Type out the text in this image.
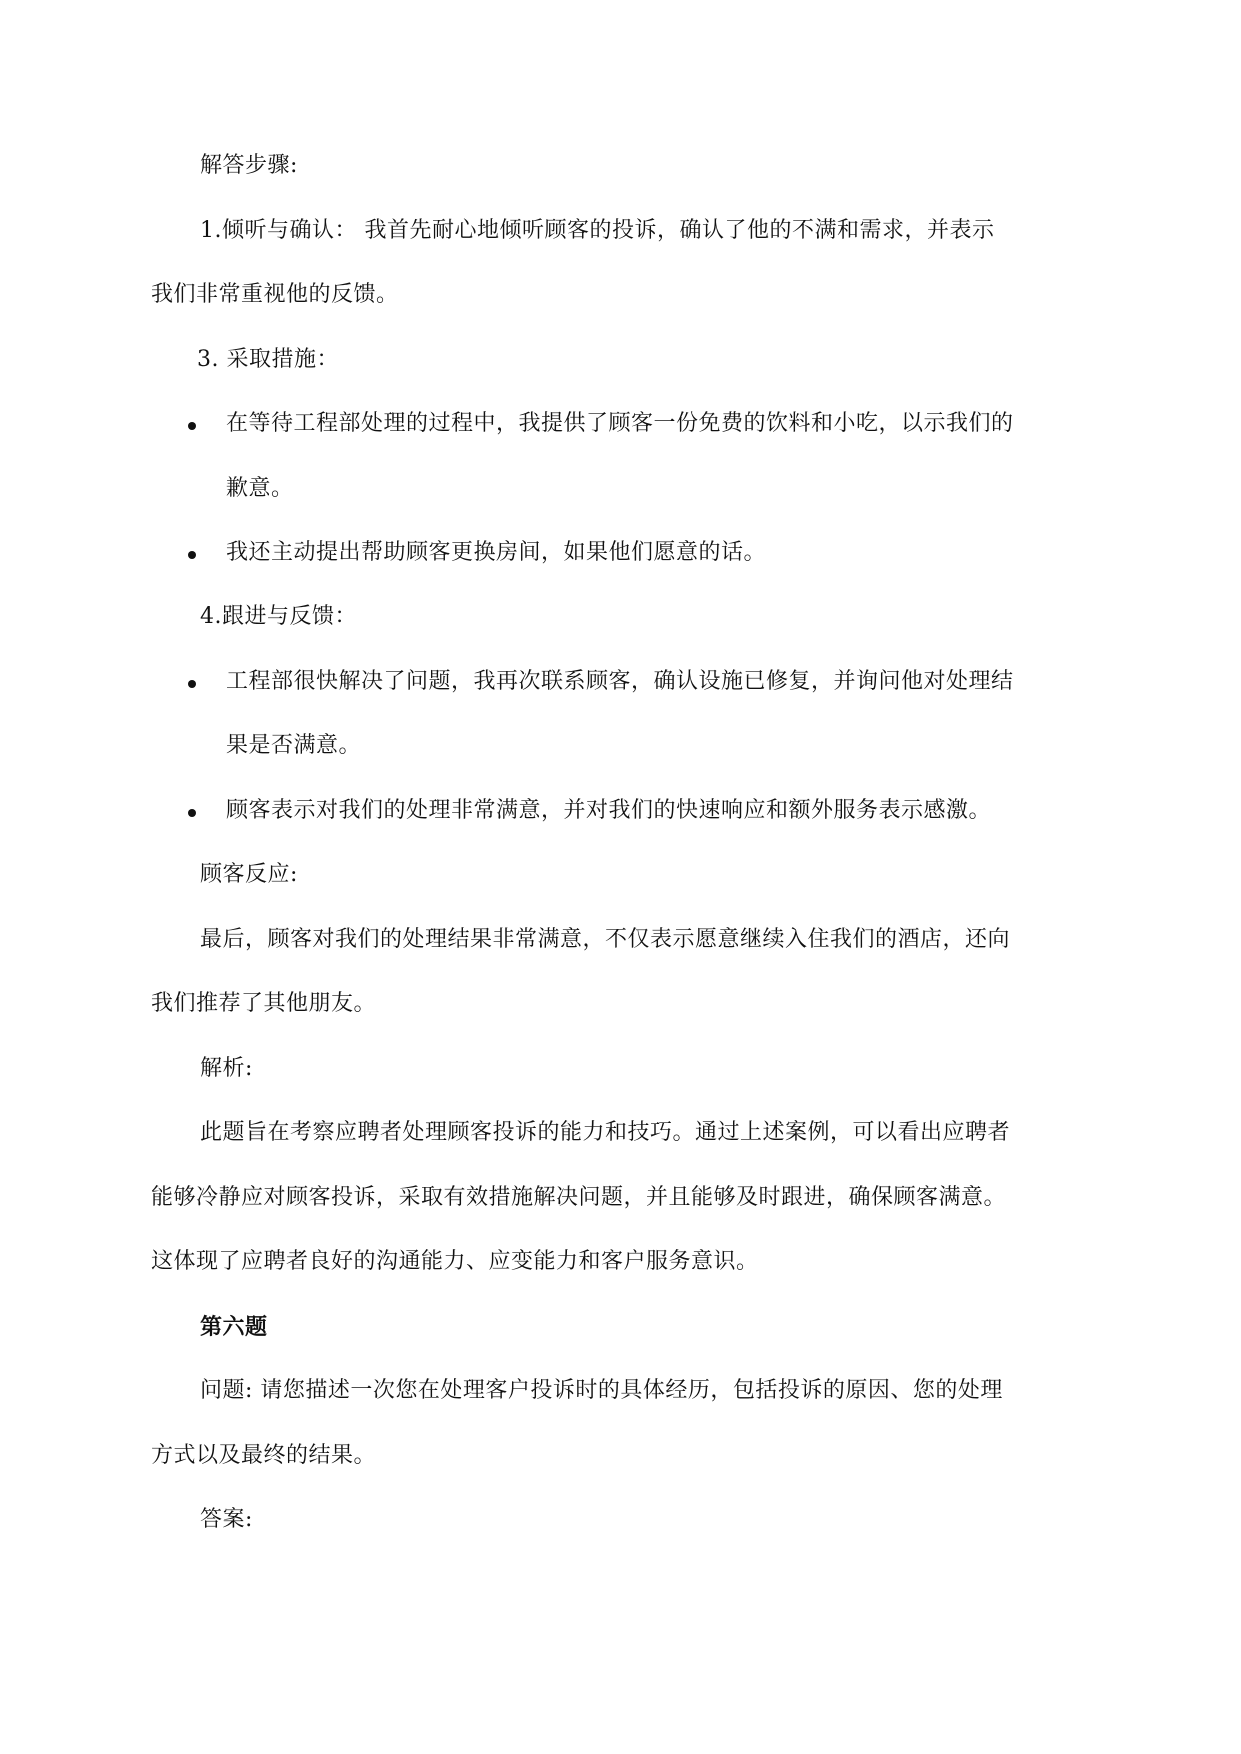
解答步骤:
1.倾听与确认： 我首先耐心地倾听顾客的投诉，确认了他的不满和需求，并表示
我们非常重视他的反馈。
3. 采取措施：
在等待工程部处理的过程中，我提供了顾客一份免费的饮料和小吃，以示我们的
歉意。
我还主动提出帮助顾客更换房间，如果他们愿意的话。
4.跟进与反馈：
工程部很快解决了问题，我再次联系顾客，确认设施已修复，并询问他对处理结
果是否满意。
顾客表示对我们的处理非常满意，并对我们的快速响应和额外服务表示感激。
顾客反应:
最后，顾客对我们的处理结果非常满意，不仅表示愿意继续入住我们的酒店，还向
我们推荐了其他朋友。
解析:
此题旨在考察应聘者处理顾客投诉的能力和技巧。通过上述案例，可以看出应聘者
能够冷静应对顾客投诉，采取有效措施解决问题，并且能够及时跟进，确保顾客满意。
这体现了应聘者良好的沟通能力、应变能力和客户服务意识。
第六题
问题: 请您描述一次您在处理客户投诉时的具体经历，包括投诉的原因、您的处理
方式以及最终的结果。
答案:
